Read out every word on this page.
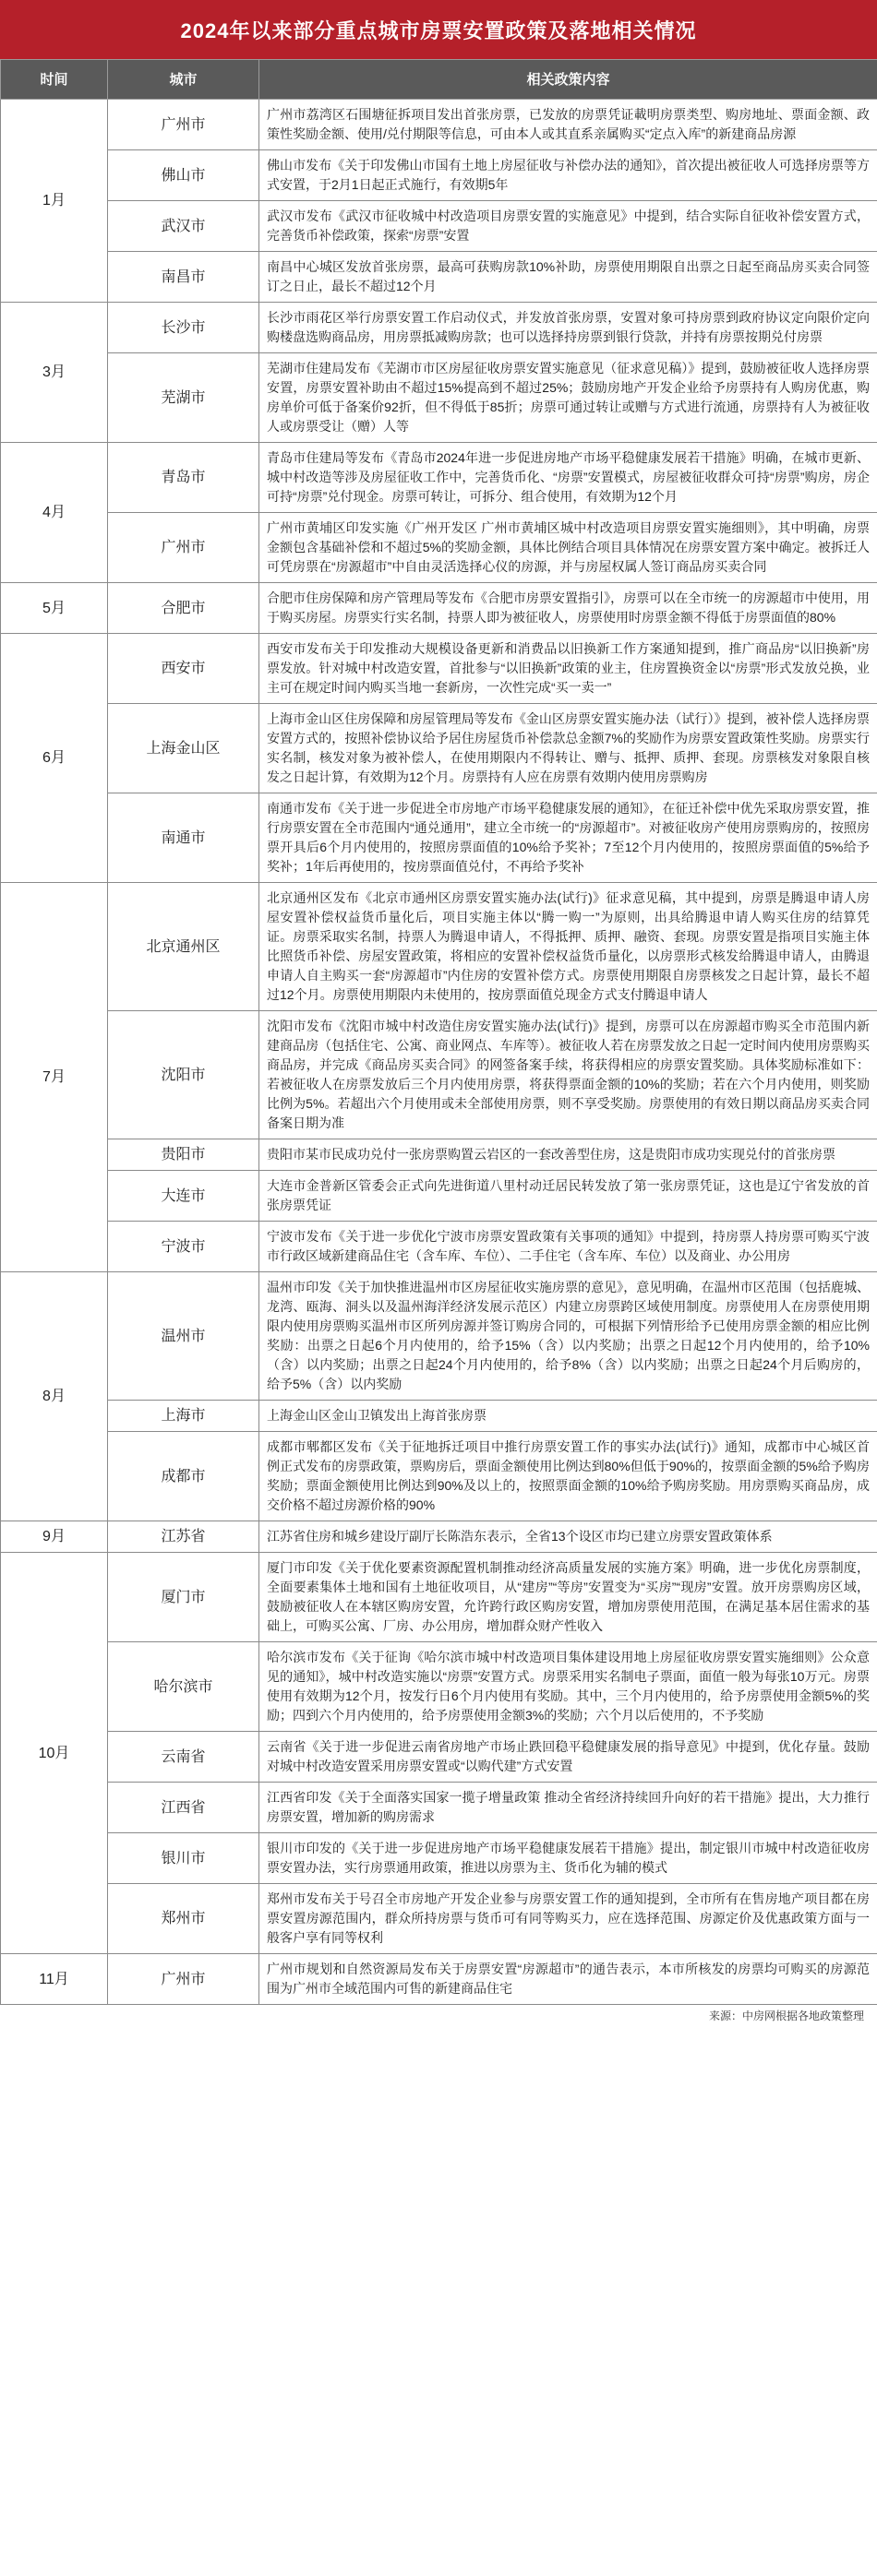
2024年以来部分重点城市房票安置政策及落地相关情况
时间	城市	相关政策内容
1月	广州市	广州市荔湾区石围塘征拆项目发出首张房票，已发放的房票凭证載明房票类型、购房地址、票面金额、政策性奖励金额、使用/兑付期限等信息，可由本人或其直系亲属购买“定点入库”的新建商品房源
	佛山市	佛山市发布《关于印发佛山市国有土地上房屋征收与补偿办法的通知》，首次提出被征收人可选择房票等方式安置，于2月1日起正式施行，有效期5年
	武汉市	武汉市发布《武汉市征收城中村改造项目房票安置的实施意见》中提到，结合实际自征收补偿安置方式，完善货币补偿政策，探索“房票”安置
	南昌市	南昌中心城区发放首张房票，最高可获购房款10%补助，房票使用期限自出票之日起至商品房买卖合同签订之日止，最长不超过12个月
3月	长沙市	长沙市雨花区举行房票安置工作启动仪式，并发放首张房票，安置对象可持房票到政府协议定向限价定向购楼盘选购商品房，用房票抵减购房款；也可以选择持房票到银行贷款，并持有房票按期兑付房票
	芜湖市	芜湖市住建局发布《芜湖市市区房屋征收房票安置实施意见（征求意见稿）》提到，鼓励被征收人选择房票安置，房票安置补助由不超过15%提高到不超过25%；鼓励房地产开发企业给予房票持有人购房优惠，购房单价可低于备案价92折，但不得低于85折；房票可通过转让或赠与方式进行流通，房票持有人为被征收人或房票受让（赠）人等
4月	青岛市	青岛市住建局等发布《青岛市2024年进一步促进房地产市场平稳健康发展若干措施》明确，在城市更新、城中村改造等涉及房屋征收工作中，完善货币化、“房票”安置模式，房屋被征收群众可持“房票”购房，房企可持“房票”兑付现金。房票可转让，可拆分、组合使用，有效期为12个月
	广州市	广州市黄埔区印发实施《广州开发区 广州市黄埔区城中村改造项目房票安置实施细则》，其中明确，房票金额包含基础补偿和不超过5%的奖励金额，具体比例结合项目具体情况在房票安置方案中确定。被拆迁人可凭房票在“房源超市”中自由灵活选择心仪的房源，并与房屋权属人签订商品房买卖合同
5月	合肥市	合肥市住房保障和房产管理局等发布《合肥市房票安置指引》，房票可以在全市统一的房源超市中使用，用于购买房屋。房票实行实名制，持票人即为被征收人，房票使用时房票金额不得低于房票面值的80%
6月	西安市	西安市发布关于印发推动大规模设备更新和消费品以旧换新工作方案通知提到，推广商品房“以旧换新”房票发放。针对城中村改造安置，首批参与“以旧换新”政策的业主，住房置换资金以“房票”形式发放兑换，业主可在规定时间内购买当地一套新房，一次性完成“买一卖一”
	上海金山区	上海市金山区住房保障和房屋管理局等发布《金山区房票安置实施办法（试行）》提到，被补偿人选择房票安置方式的，按照补偿协议给予居住房屋货币补偿款总金额7%的奖励作为房票安置政策性奖励。房票实行实名制，核发对象为被补偿人，在使用期限内不得转让、赠与、抵押、质押、套现。房票核发对象限自核发之日起计算，有效期为12个月。房票持有人应在房票有效期内使用房票购房
	南通市	南通市发布《关于进一步促进全市房地产市场平稳健康发展的通知》，在征迁补偿中优先采取房票安置，推行房票安置在全市范围内“通兑通用”，建立全市统一的“房源超市”。对被征收房产使用房票购房的，按照房票开具后6个月内使用的，按照房票面值的10%给予奖补；7至12个月内使用的，按照房票面值的5%给予奖补；1年后再使用的，按房票面值兑付，不再给予奖补
7月	北京通州区	北京通州区发布《北京市通州区房票安置实施办法(试行)》征求意见稿，其中提到，房票是腾退申请人房屋安置补偿权益货币量化后，项目实施主体以“腾一购一”为原则，出具给腾退申请人购买住房的结算凭证。房票采取实名制，持票人为腾退申请人，不得抵押、质押、融资、套现。房票安置是指项目实施主体比照货币补偿、房屋安置政策，将相应的安置补偿权益货币量化，以房票形式核发给腾退申请人，由腾退申请人自主购买一套“房源超市”内住房的安置补偿方式。房票使用期限自房票核发之日起计算，最长不超过12个月。房票使用期限内未使用的，按房票面值兑现金方式支付腾退申请人
	沈阳市	沈阳市发布《沈阳市城中村改造住房安置实施办法(试行)》提到，房票可以在房源超市购买全市范围内新建商品房（包括住宅、公寓、商业网点、车库等）。被征收人若在房票发放之日起一定时间内使用房票购买商品房，并完成《商品房买卖合同》的网签备案手续，将获得相应的房票安置奖励。具体奖励标准如下：若被征收人在房票发放后三个月内使用房票，将获得票面金额的10%的奖励；若在六个月内使用，则奖励比例为5%。若超出六个月使用或未全部使用房票，则不享受奖励。房票使用的有效日期以商品房买卖合同备案日期为准
	贵阳市	贵阳市某市民成功兑付一张房票购置云岩区的一套改善型住房，这是贵阳市成功实现兑付的首张房票
	大连市	大连市金普新区管委会正式向先进街道八里村动迁居民转发放了第一张房票凭证，这也是辽宁省发放的首张房票凭证
	宁波市	宁波市发布《关于进一步优化宁波市房票安置政策有关事项的通知》中提到，持房票人持房票可购买宁波市行政区域新建商品住宅（含车库、车位）、二手住宅（含车库、车位）以及商业、办公用房
8月	温州市	温州市印发《关于加快推进温州市区房屋征收实施房票的意见》，意见明确，在温州市区范围（包括鹿城、龙湾、瓯海、洞头以及温州海洋经济发展示范区）内建立房票跨区域使用制度。房票使用人在房票使用期限内使用房票购买温州市区所列房源并签订购房合同的，可根据下列情形给予已使用房票金额的相应比例奖励：出票之日起6个月内使用的，给予15%（含）以内奖励；出票之日起12个月内使用的，给予10%（含）以内奖励；出票之日起24个月内使用的，给予8%（含）以内奖励；出票之日起24个月后购房的，给予5%（含）以内奖励
	上海市	上海金山区金山卫镇发出上海首张房票
	成都市	成都市郫都区发布《关于征地拆迁项目中推行房票安置工作的事实办法(试行)》通知，成都市中心城区首例正式发布的房票政策，票购房后，票面金额使用比例达到80%但低于90%的，按票面金额的5%给予购房奖励；票面金额使用比例达到90%及以上的，按照票面金额的10%给予购房奖励。用房票购买商品房，成交价格不超过房源价格的90%
9月	江苏省	江苏省住房和城乡建设厅副厅长陈浩东表示，全省13个设区市均已建立房票安置政策体系
10月	厦门市	厦门市印发《关于优化要素资源配置机制推动经济高质量发展的实施方案》明确，进一步优化房票制度，全面要素集体土地和国有土地征收项目，从“建房”“等房”安置变为“买房”“现房”安置。放开房票购房区域，鼓励被征收人在本辖区购房安置，允许跨行政区购房安置，增加房票使用范围，在满足基本居住需求的基础上，可购买公寓、厂房、办公用房，增加群众财产性收入
	哈尔滨市	哈尔滨市发布《关于征询《哈尔滨市城中村改造项目集体建设用地上房屋征收房票安置实施细则》公众意见的通知》，城中村改造实施以“房票”安置方式。房票采用实名制电子票面，面值一般为每张10万元。房票使用有效期为12个月，按发行日6个月内使用有奖励。其中，三个月内使用的，给予房票使用金额5%的奖励；四到六个月内使用的，给予房票使用金额3%的奖励；六个月以后使用的，不予奖励
	云南省	云南省《关于进一步促进云南省房地产市场止跌回稳平稳健康发展的指导意见》中提到，优化存量。鼓励对城中村改造安置采用房票安置或“以购代建”方式安置
	江西省	江西省印发《关于全面落实国家一揽子增量政策 推动全省经济持续回升向好的若干措施》提出，大力推行房票安置，增加新的购房需求
	银川市	银川市印发的《关于进一步促进房地产市场平稳健康发展若干措施》提出，制定银川市城中村改造征收房票安置办法，实行房票通用政策，推进以房票为主、货币化为辅的模式
	郑州市	郑州市发布关于号召全市房地产开发企业参与房票安置工作的通知提到，全市所有在售房地产项目都在房票安置房源范围内，群众所持房票与货币可有同等购买力，应在选择范围、房源定价及优惠政策方面与一般客户享有同等权利
11月	广州市	广州市规划和自然资源局发布关于房票安置“房源超市”的通告表示，本市所核发的房票均可购买的房源范围为广州市全域范围内可售的新建商品住宅
来源：中房网根据各地政策整理
